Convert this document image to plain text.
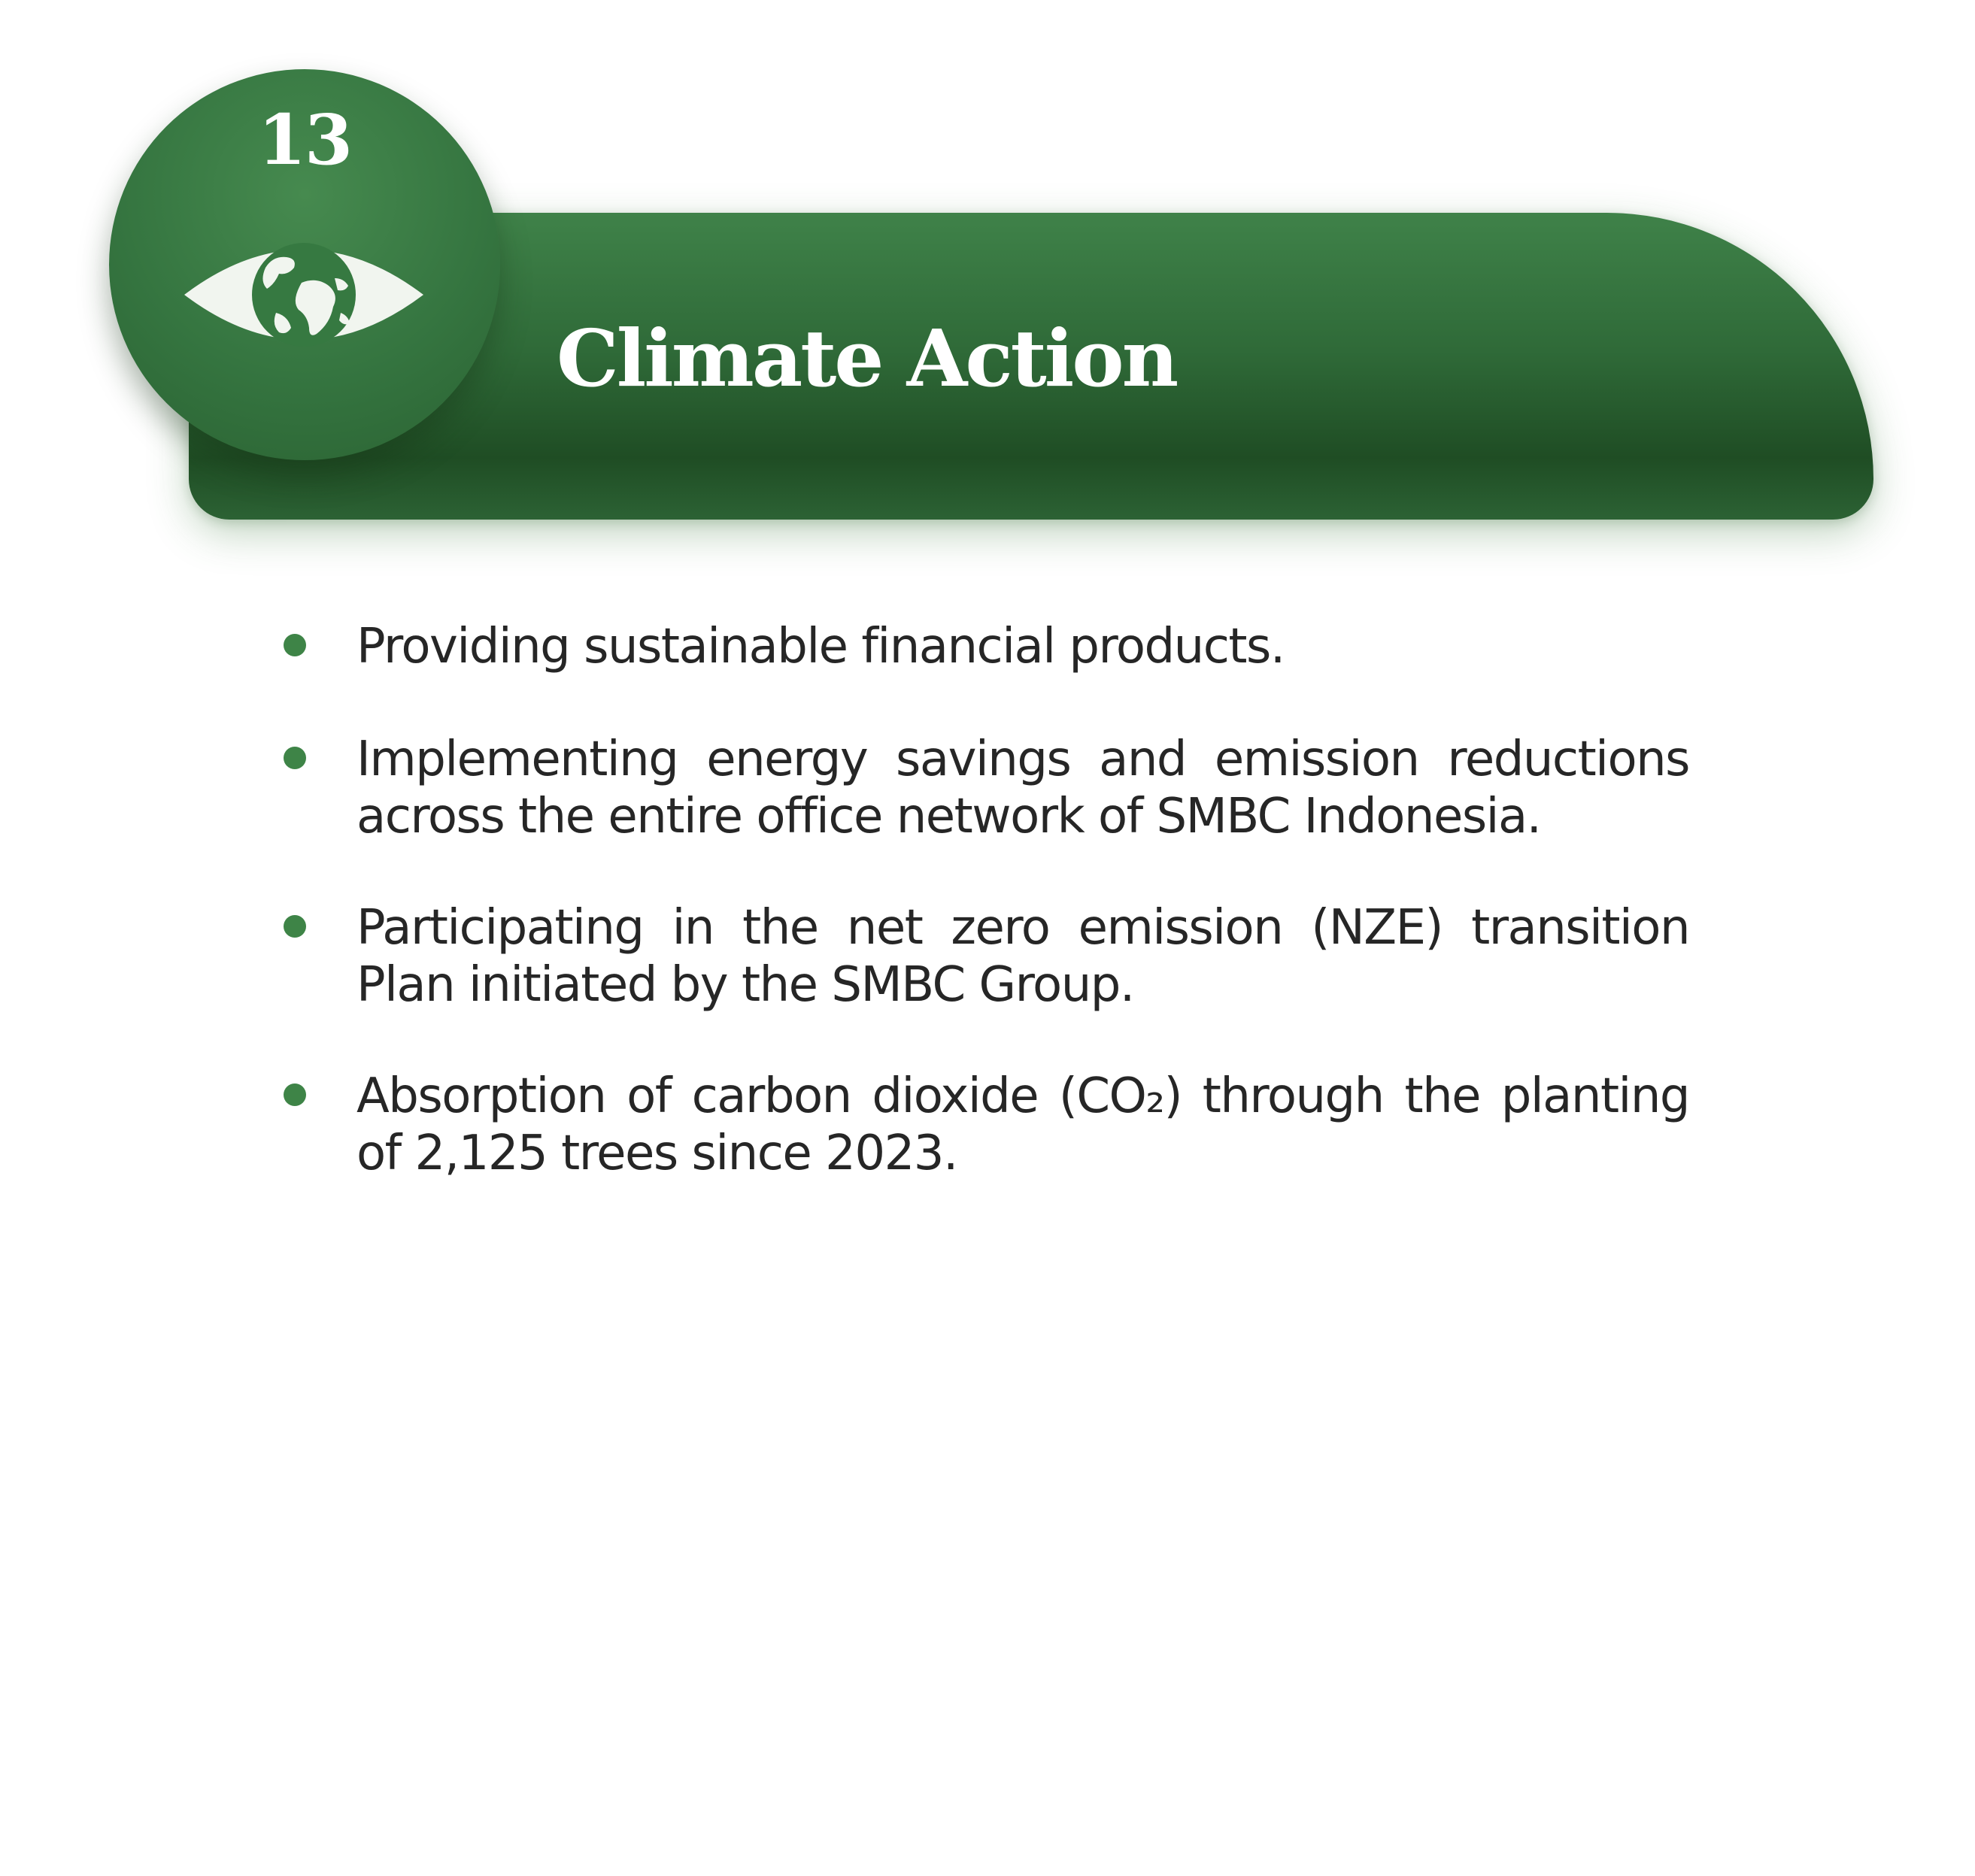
13
Climate Action

Providing sustainable financial products.

Implementing energy savings and emission reductions across the entire office network of SMBC Indonesia.

Participating in the net zero emission (NZE) transition Plan initiated by the SMBC Group.

Absorption of carbon dioxide (CO₂) through the planting of 2,125 trees since 2023.
